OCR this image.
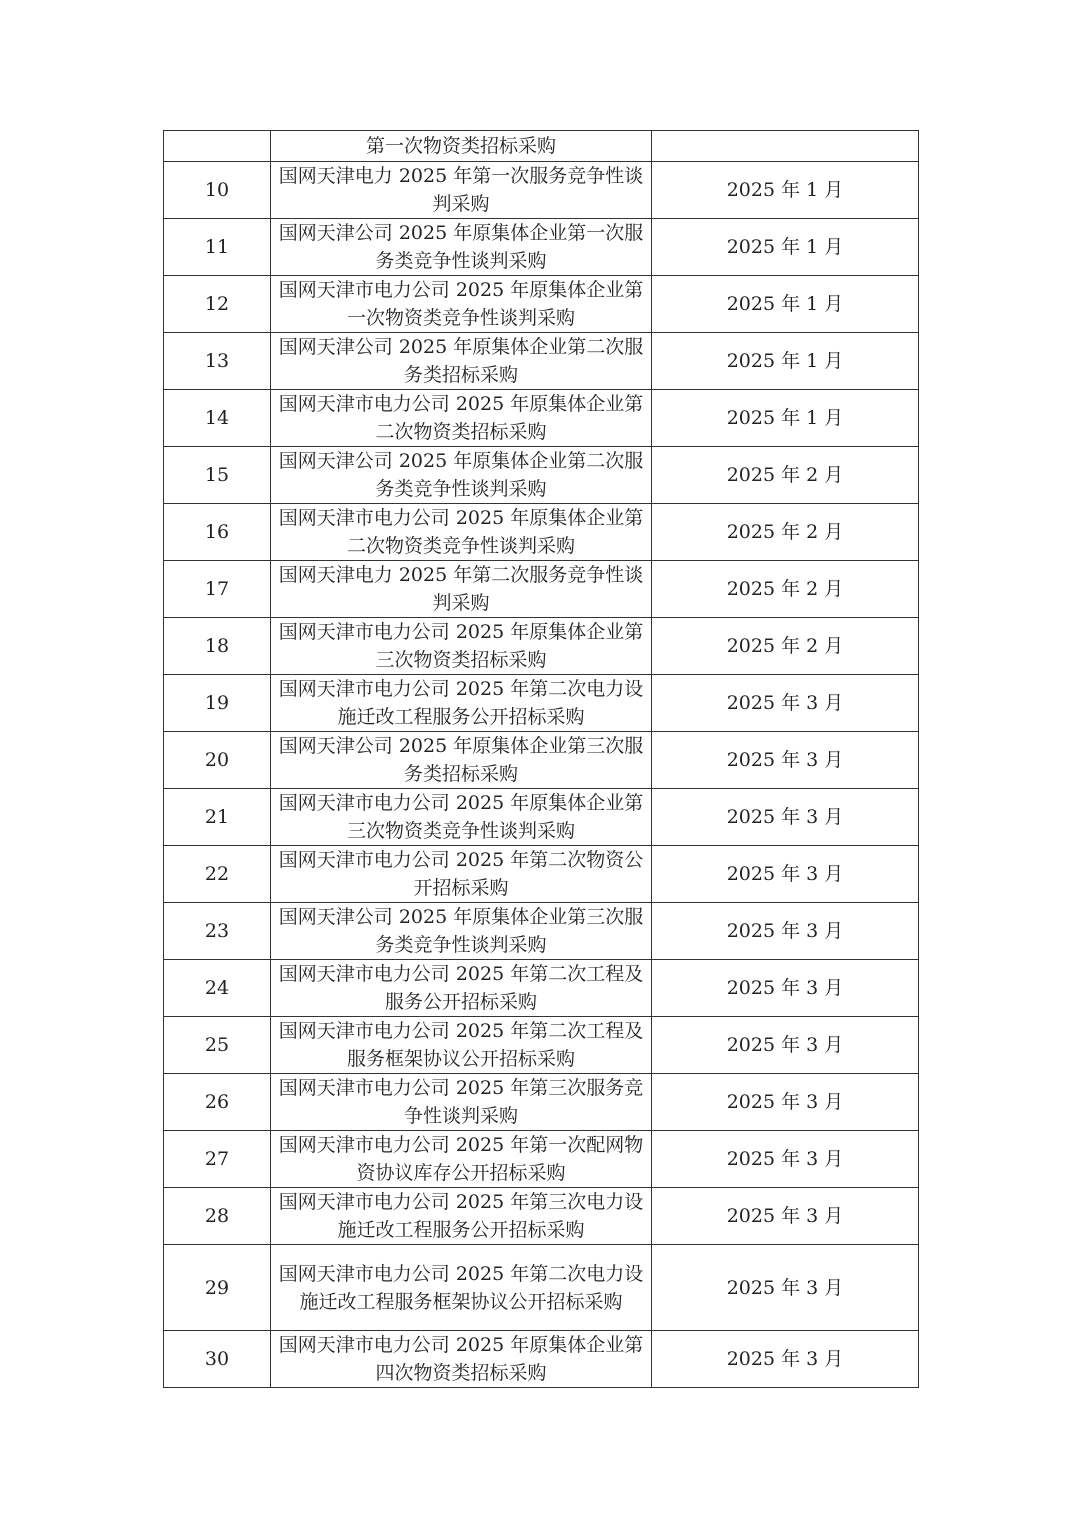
	第一次物资类招标采购	
10	国网天津电力 2025 年第一次服务竞争性谈判采购	2025 年 1 月
11	国网天津公司 2025 年原集体企业第一次服务类竞争性谈判采购	2025 年 1 月
12	国网天津市电力公司 2025 年原集体企业第一次物资类竞争性谈判采购	2025 年 1 月
13	国网天津公司 2025 年原集体企业第二次服务类招标采购	2025 年 1 月
14	国网天津市电力公司 2025 年原集体企业第二次物资类招标采购	2025 年 1 月
15	国网天津公司 2025 年原集体企业第二次服务类竞争性谈判采购	2025 年 2 月
16	国网天津市电力公司 2025 年原集体企业第二次物资类竞争性谈判采购	2025 年 2 月
17	国网天津电力 2025 年第二次服务竞争性谈判采购	2025 年 2 月
18	国网天津市电力公司 2025 年原集体企业第三次物资类招标采购	2025 年 2 月
19	国网天津市电力公司 2025 年第二次电力设施迁改工程服务公开招标采购	2025 年 3 月
20	国网天津公司 2025 年原集体企业第三次服务类招标采购	2025 年 3 月
21	国网天津市电力公司 2025 年原集体企业第三次物资类竞争性谈判采购	2025 年 3 月
22	国网天津市电力公司 2025 年第二次物资公开招标采购	2025 年 3 月
23	国网天津公司 2025 年原集体企业第三次服务类竞争性谈判采购	2025 年 3 月
24	国网天津市电力公司 2025 年第二次工程及服务公开招标采购	2025 年 3 月
25	国网天津市电力公司 2025 年第二次工程及服务框架协议公开招标采购	2025 年 3 月
26	国网天津市电力公司 2025 年第三次服务竞争性谈判采购	2025 年 3 月
27	国网天津市电力公司 2025 年第一次配网物资协议库存公开招标采购	2025 年 3 月
28	国网天津市电力公司 2025 年第三次电力设施迁改工程服务公开招标采购	2025 年 3 月
29	国网天津市电力公司 2025 年第二次电力设施迁改工程服务框架协议公开招标采购	2025 年 3 月
30	国网天津市电力公司 2025 年原集体企业第四次物资类招标采购	2025 年 3 月
